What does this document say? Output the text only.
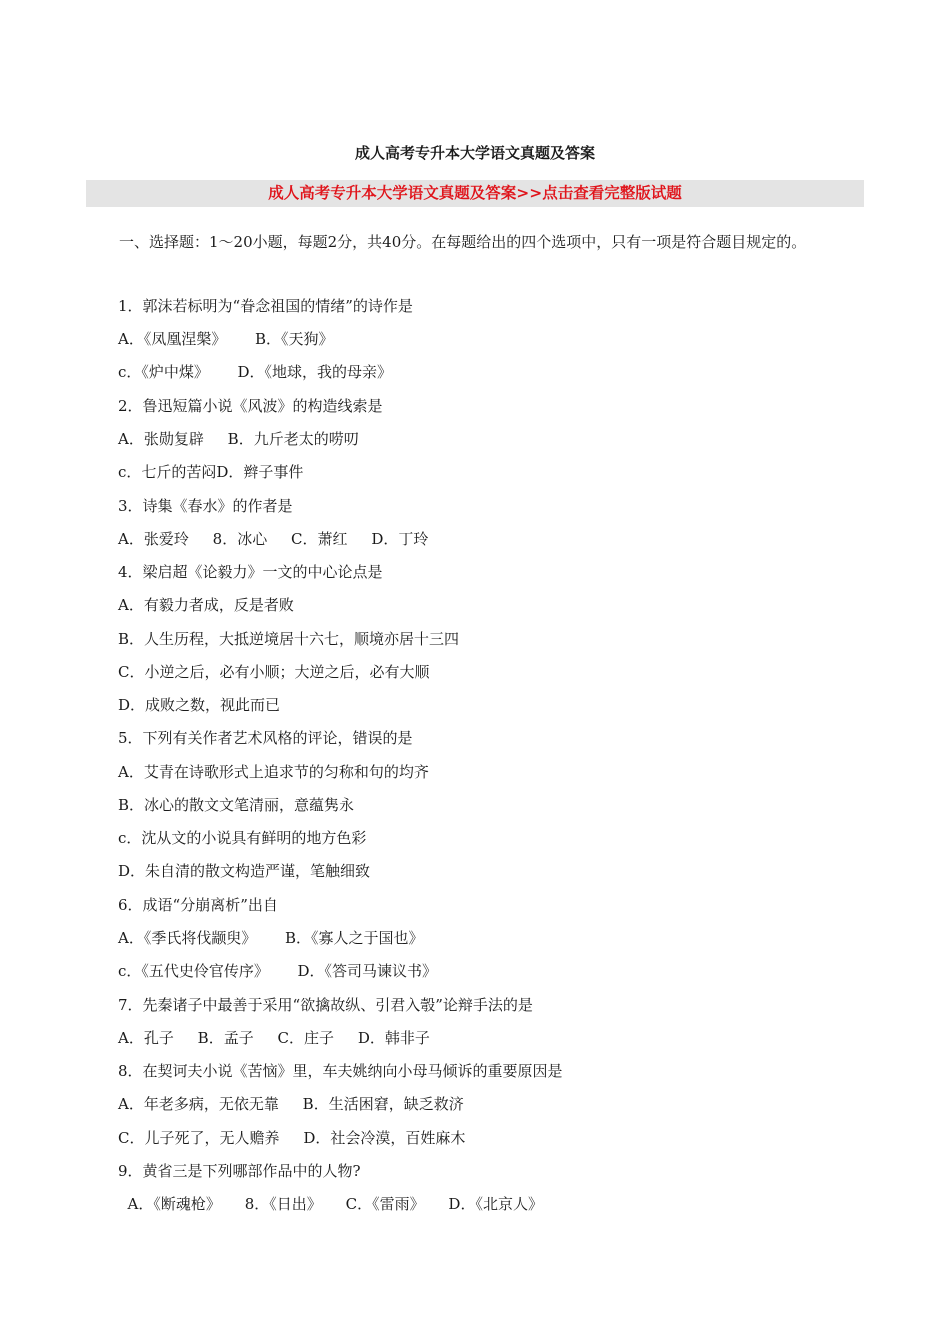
成人高考专升本大学语文真题及答案
成人高考专升本大学语文真题及答案>>点击查看完整版试题
一、选择题：1～20小题，每题2分，共40分。在每题给出的四个选项中，只有一项是符合题目规定的。
1．郭沫若标明为“眷念祖国的情绪”的诗作是
A．《凤凰涅槃》      B．《天狗》
c．《炉中煤》      D．《地球，我的母亲》
2．鲁迅短篇小说《风波》的构造线索是
A．张勋复辟     B．九斤老太的唠叨
c．七斤的苦闷D．辫子事件
3．诗集《春水》的作者是
A．张爱玲     8．冰心     C．萧红     D．丁玲
4．梁启超《论毅力》一文的中心论点是
A．有毅力者成，反是者败
B．人生历程，大抵逆境居十六七，顺境亦居十三四
C．小逆之后，必有小顺；大逆之后，必有大顺
D．成败之数，视此而已
5．下列有关作者艺术风格的评论，错误的是
A．艾青在诗歌形式上追求节的匀称和句的均齐
B．冰心的散文文笔清丽，意蕴隽永
c．沈从文的小说具有鲜明的地方色彩
D．朱自清的散文构造严谨，笔触细致
6．成语“分崩离析”出自
A．《季氏将伐颛臾》      B．《寡人之于国也》
c．《五代史伶官传序》      D．《答司马谏议书》
7．先秦诸子中最善于采用“欲擒故纵、引君入彀”论辩手法的是
A．孔子     B．孟子     C．庄子     D．韩非子
8．在契诃夫小说《苦恼》里，车夫姚纳向小母马倾诉的重要原因是
A．年老多病，无依无靠     B．生活困窘，缺乏救济
C．儿子死了，无人赡养     D．社会冷漠，百姓麻木
9．黄省三是下列哪部作品中的人物?
A．《断魂枪》     8．《日出》     C．《雷雨》     D．《北京人》
